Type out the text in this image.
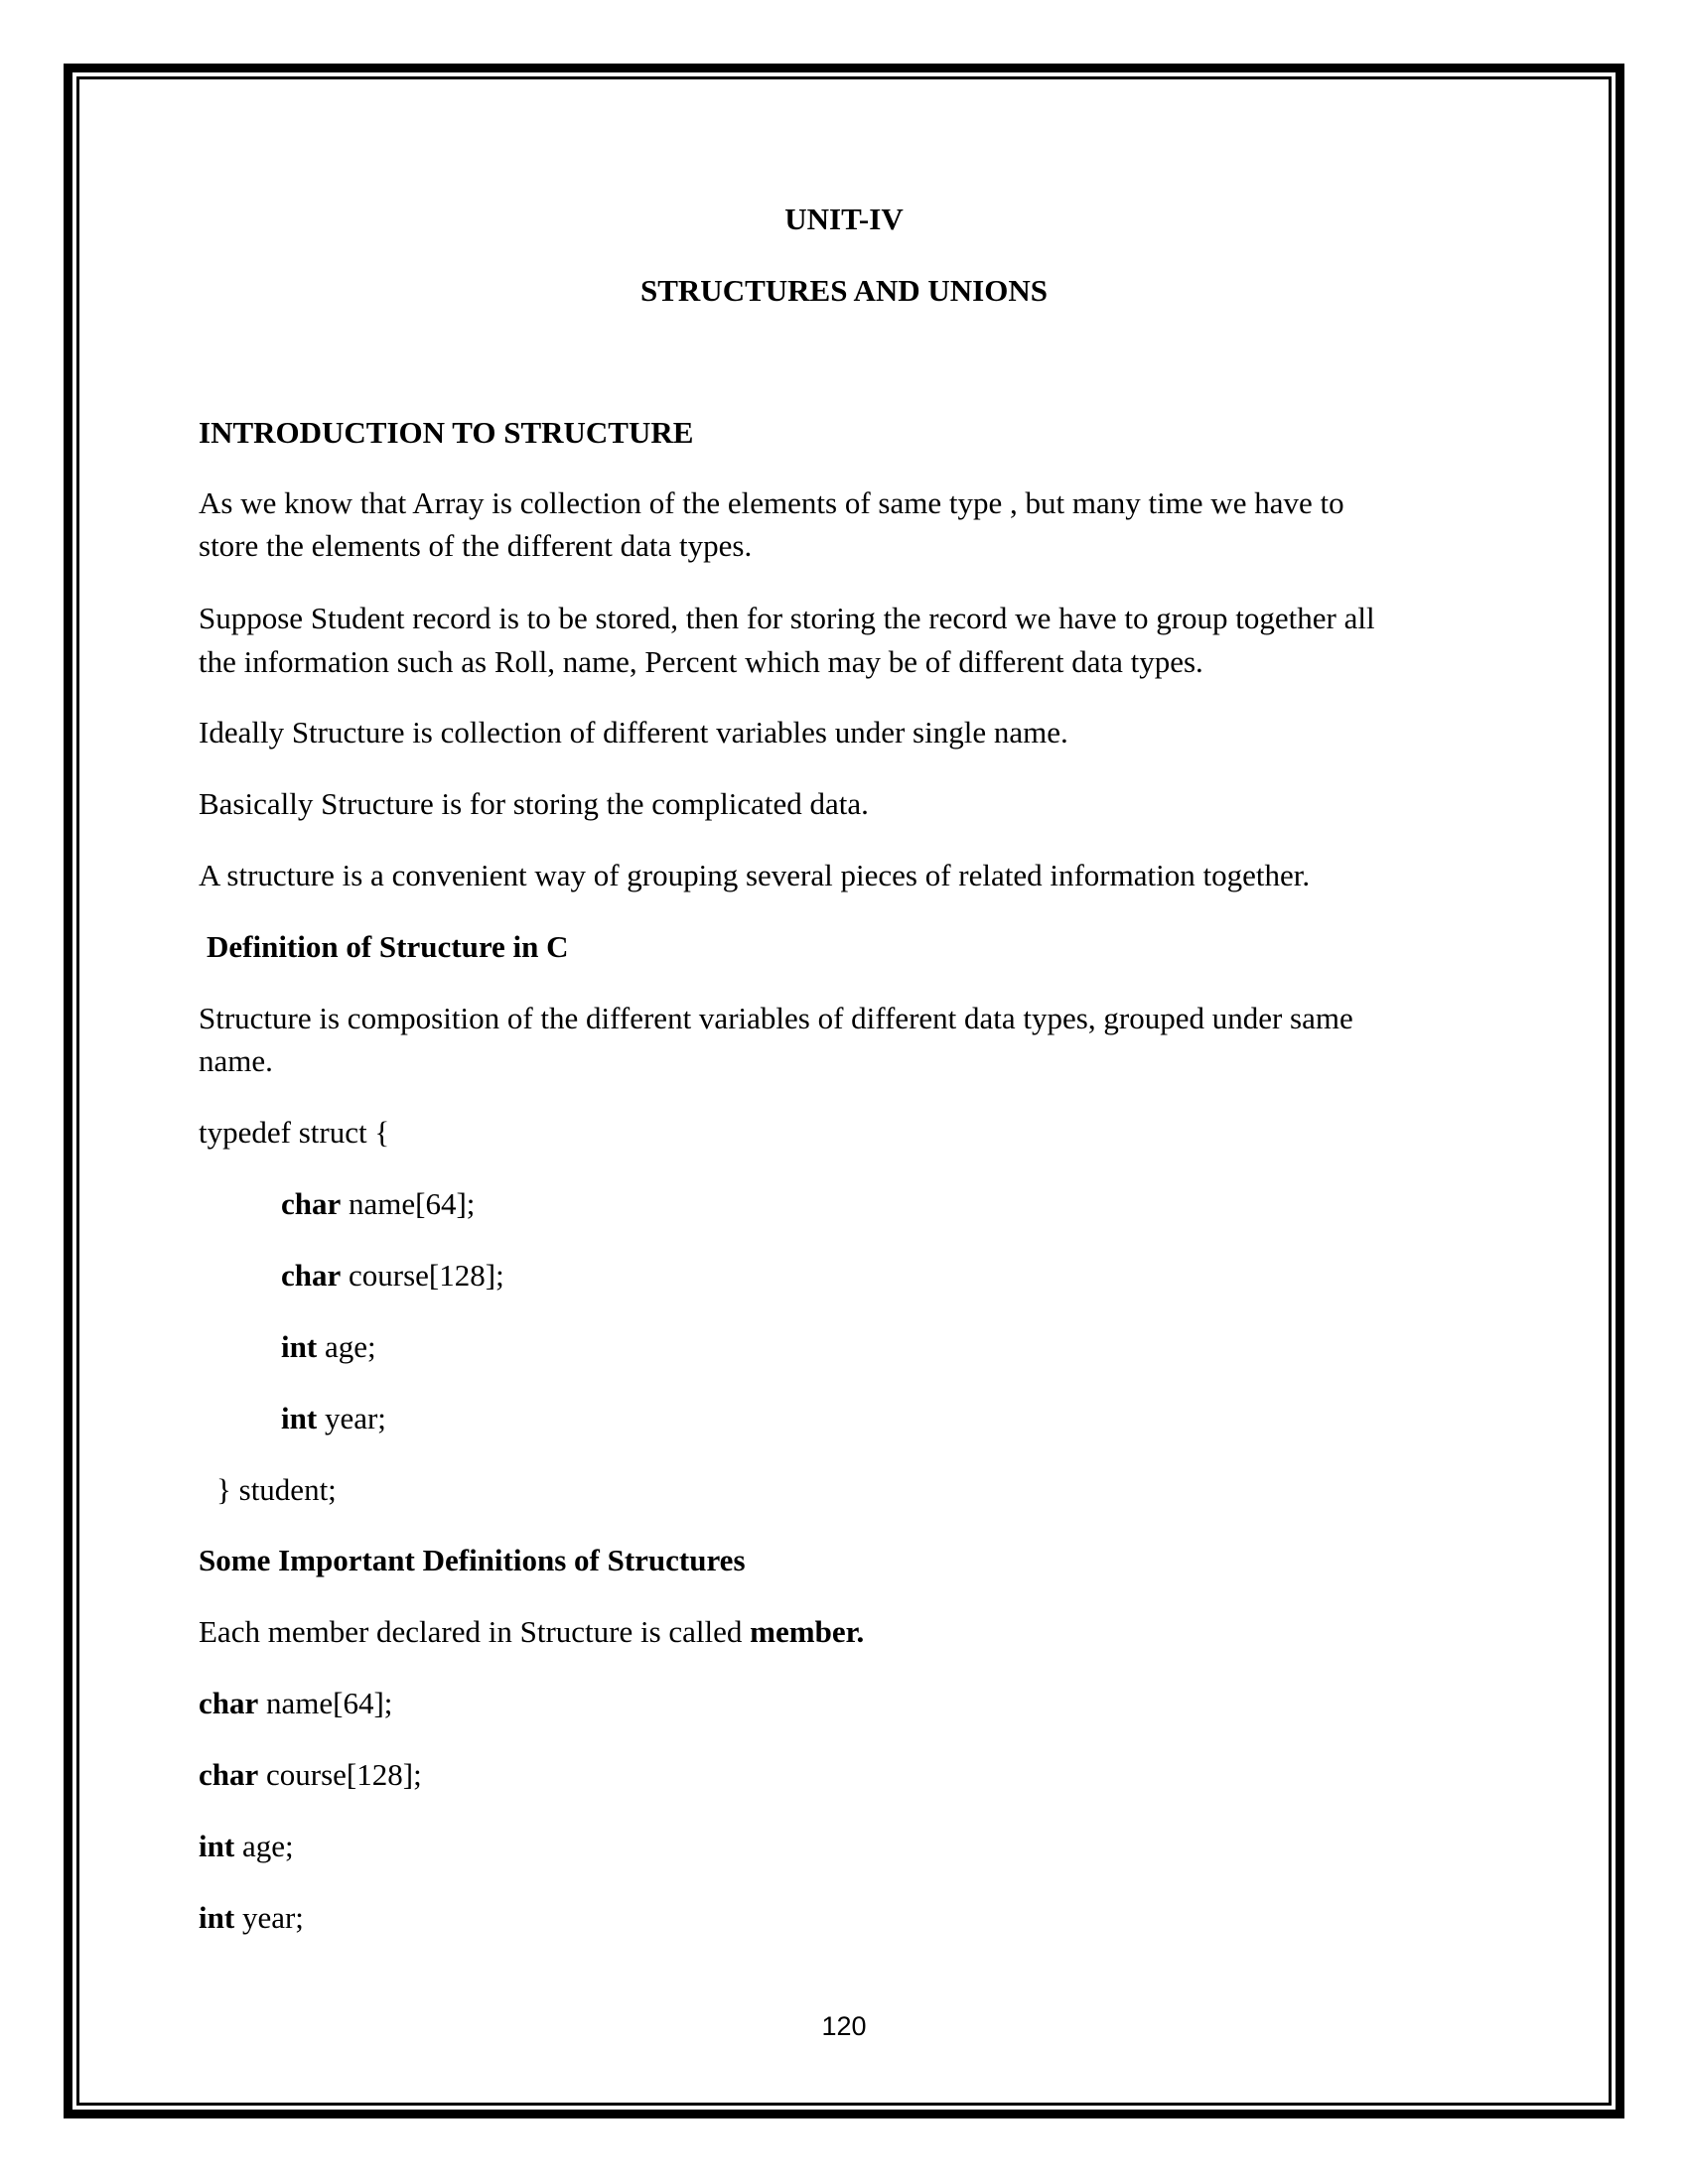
UNIT-IV
STRUCTURES AND UNIONS
INTRODUCTION TO STRUCTURE
As we know that Array is collection of the elements of same type , but many time we have to
store the elements of the different data types.
Suppose Student record is to be stored, then for storing the record we have to group together all
the information such as Roll, name, Percent which may be of different data types.
Ideally Structure is collection of different variables under single name.
Basically Structure is for storing the complicated data.
A structure is a convenient way of grouping several pieces of related information together.
Definition of Structure in C
Structure is composition of the different variables of different data types, grouped under same
name.
typedef struct {
char name[64];
char course[128];
int age;
int year;
} student;
Some Important Definitions of Structures
Each member declared in Structure is called member.
char name[64];
char course[128];
int age;
int year;
120
